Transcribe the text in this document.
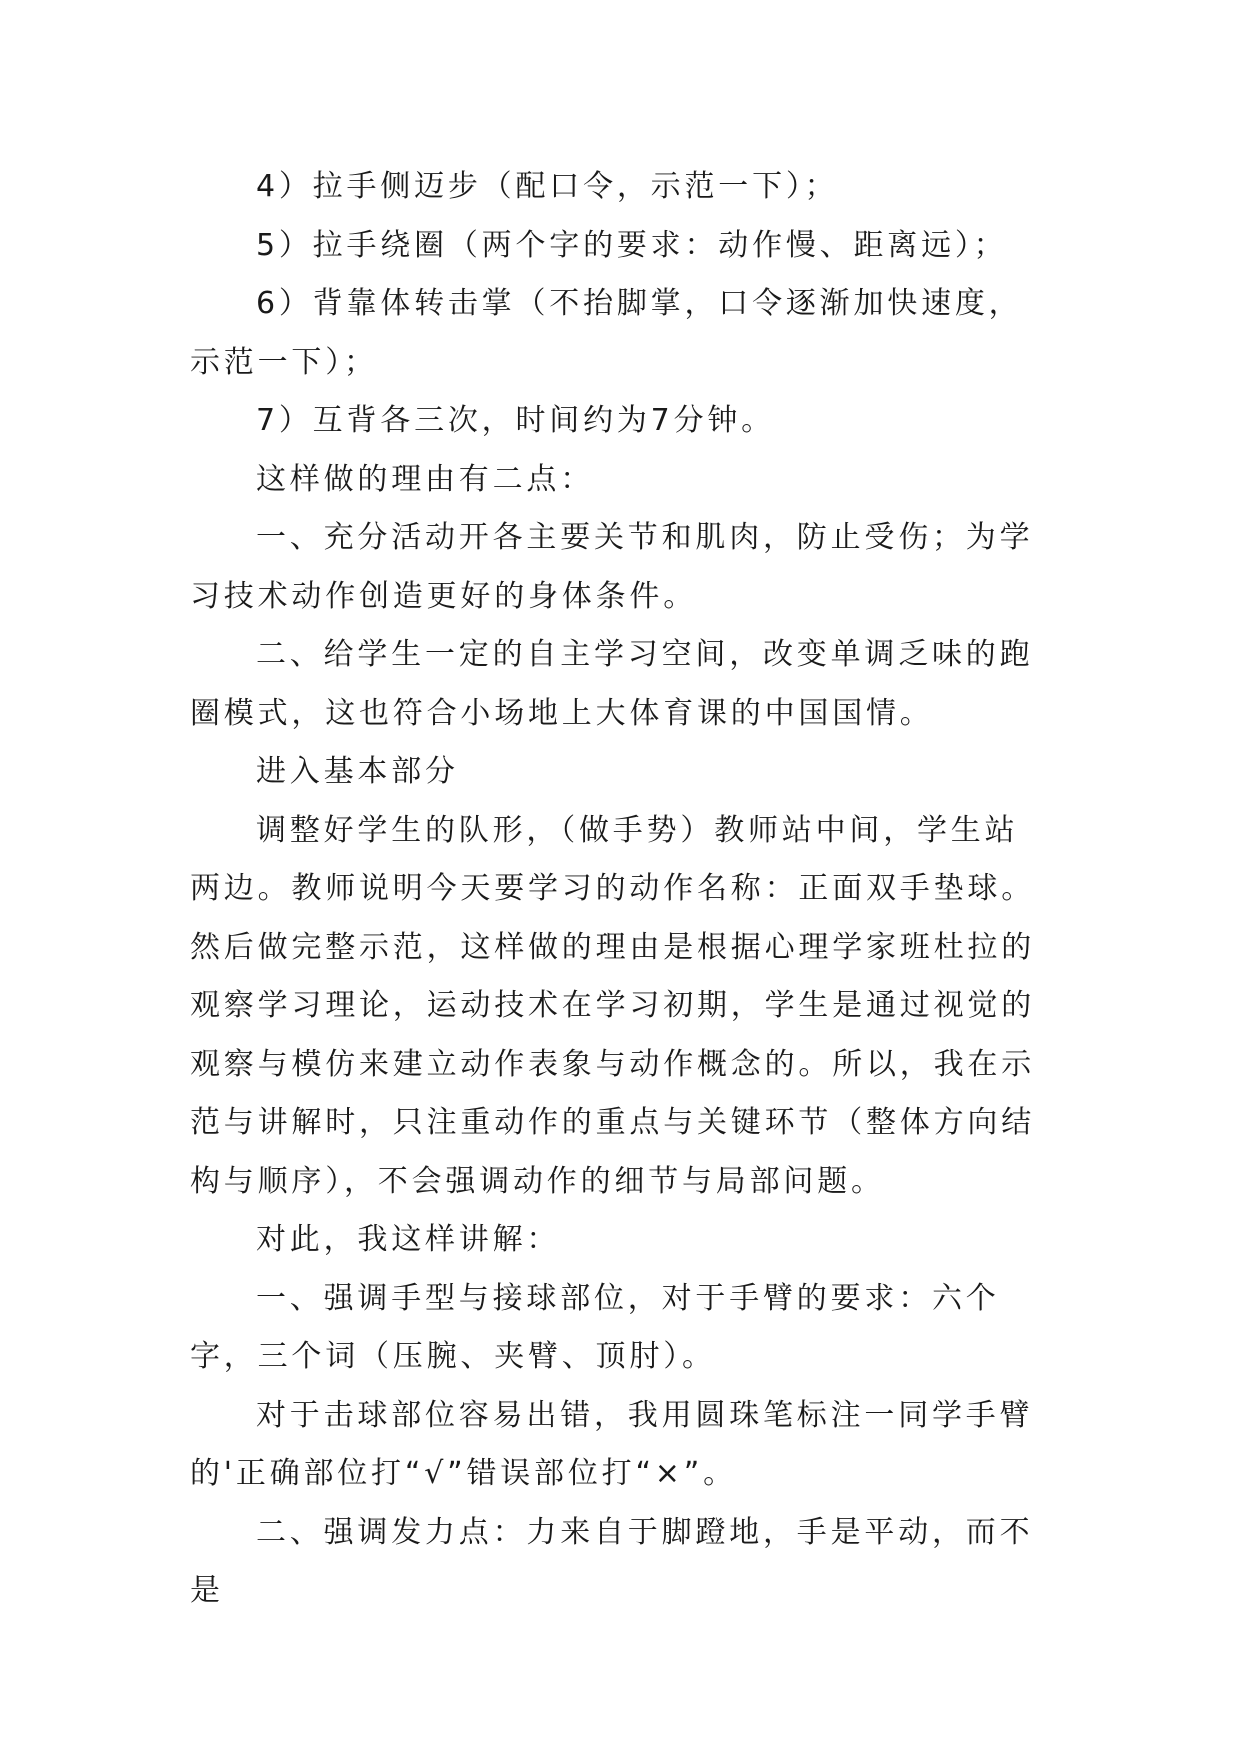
4）拉手侧迈步（配口令，示范一下）；

5）拉手绕圈（两个字的要求：动作慢、距离远）；

6）背靠体转击掌（不抬脚掌，口令逐渐加快速度，示范一下）；

7）互背各三次，时间约为7分钟。

这样做的理由有二点：

一、充分活动开各主要关节和肌肉，防止受伤；为学习技术动作创造更好的身体条件。

二、给学生一定的自主学习空间，改变单调乏味的跑圈模式，这也符合小场地上大体育课的中国国情。

进入基本部分

调整好学生的队形，（做手势）教师站中间，学生站两边。教师说明今天要学习的动作名称：正面双手垫球。然后做完整示范，这样做的理由是根据心理学家班杜拉的观察学习理论，运动技术在学习初期，学生是通过视觉的观察与模仿来建立动作表象与动作概念的。所以，我在示范与讲解时，只注重动作的重点与关键环节（整体方向结构与顺序），不会强调动作的细节与局部问题。

对此，我这样讲解：

一、强调手型与接球部位，对于手臂的要求：六个字，三个词（压腕、夹臂、顶肘）。

对于击球部位容易出错，我用圆珠笔标注一同学手臂的'正确部位打“√”错误部位打“×”。

二、强调发力点：力来自于脚蹬地，手是平动，而不是
